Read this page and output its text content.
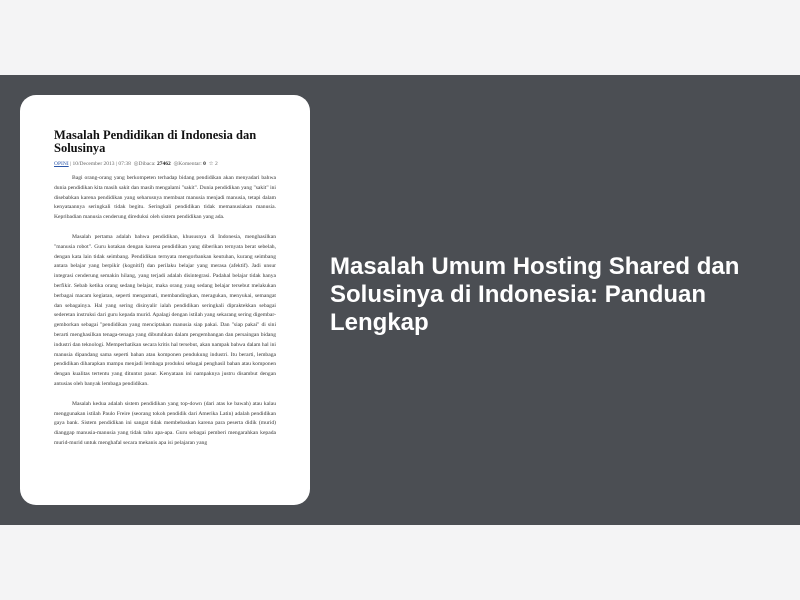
Masalah Pendidikan di Indonesia dan Solusinya
OPINI | 10/December 2013 | 07:38 ◎Dibaca: 27462 ◎Komentar: 0 ☆ 2

Bagi orang-orang yang berkompeten terhadap bidang pendidikan akan menyadari bahwa dunia pendidikan kita masih sakit dan masih mengalami "sakit". Dunia pendidikan yang "sakit" ini disebabkan karena pendidikan yang seharusnya membuat manusia menjadi manusia, tetapi dalam kenyataannya seringkali tidak begitu. Seringkali pendidikan tidak memanusiakan manusia. Kepribadian manusia cenderung direduksi oleh sistem pendidikan yang ada.

Masalah pertama adalah bahwa pendidikan, khususnya di Indonesia, menghasilkan "manusia robot". Guru kotakan dengan karena pendidikan yang diberikan ternyata berat sebelah, dengan kata lain tidak seimbang. Pendidikan ternyata mengorbankan keutuhan, kurang seimbang antara belajar yang berpikir (kognitif) dan perilaku belajar yang merasa (afektif). Jadi unsur integrasi cenderung semakin hilang, yang terjadi adalah disintegrasi. Padahal belajar tidak hanya berfikir. Sebab ketika orang sedang belajar, maka orang yang sedang belajar tersebut melakukan berbagai macam kegiatan, seperti mengamati, membandingkan, meragukan, menyukai, semangat dan sebagainya. Hal yang sering disinyalir ialah pendidikan seringkali dipraktekkan sebagai sederetan instruksi dari guru kepada murid. Apalagi dengan istilah yang sekarang sering digembar-gemborkan sebagai "pendidikan yang menciptakan manusia siap pakai. Dan "siap pakai" di sini berarti menghasilkan tenaga-tenaga yang dibutuhkan dalam pengembangan dan persaingan bidang industri dan teknologi. Memperhatikan secara kritis hal tersebut, akan nampak bahwa dalam hal ini manusia dipandang sama seperti bahan atau komponen pendukung industri. Itu berarti, lembaga pendidikan diharapkan mampu menjadi lembaga produksi sebagai penghasil bahan atau komponen dengan kualitas tertentu yang dituntut pasar. Kenyataan ini nampaknya justru disambut dengan antusias oleh banyak lembaga pendidikan.

Masalah kedua adalah sistem pendidikan yang top-down (dari atas ke bawah) atau kalau menggunakan istilah Paulo Freire (seorang tokoh pendidik dari Amerika Latin) adalah pendidikan gaya bank. Sistem pendidikan ini sangat tidak membebaskan karena para peserta didik (murid) dianggap manusia-manusia yang tidak tahu apa-apa. Guru sebagai pemberi mengarahkan kepada murid-murid untuk menghafal secara mekanis apa isi pelajaran yang

Masalah Umum Hosting Shared dan Solusinya di Indonesia: Panduan Lengkap
